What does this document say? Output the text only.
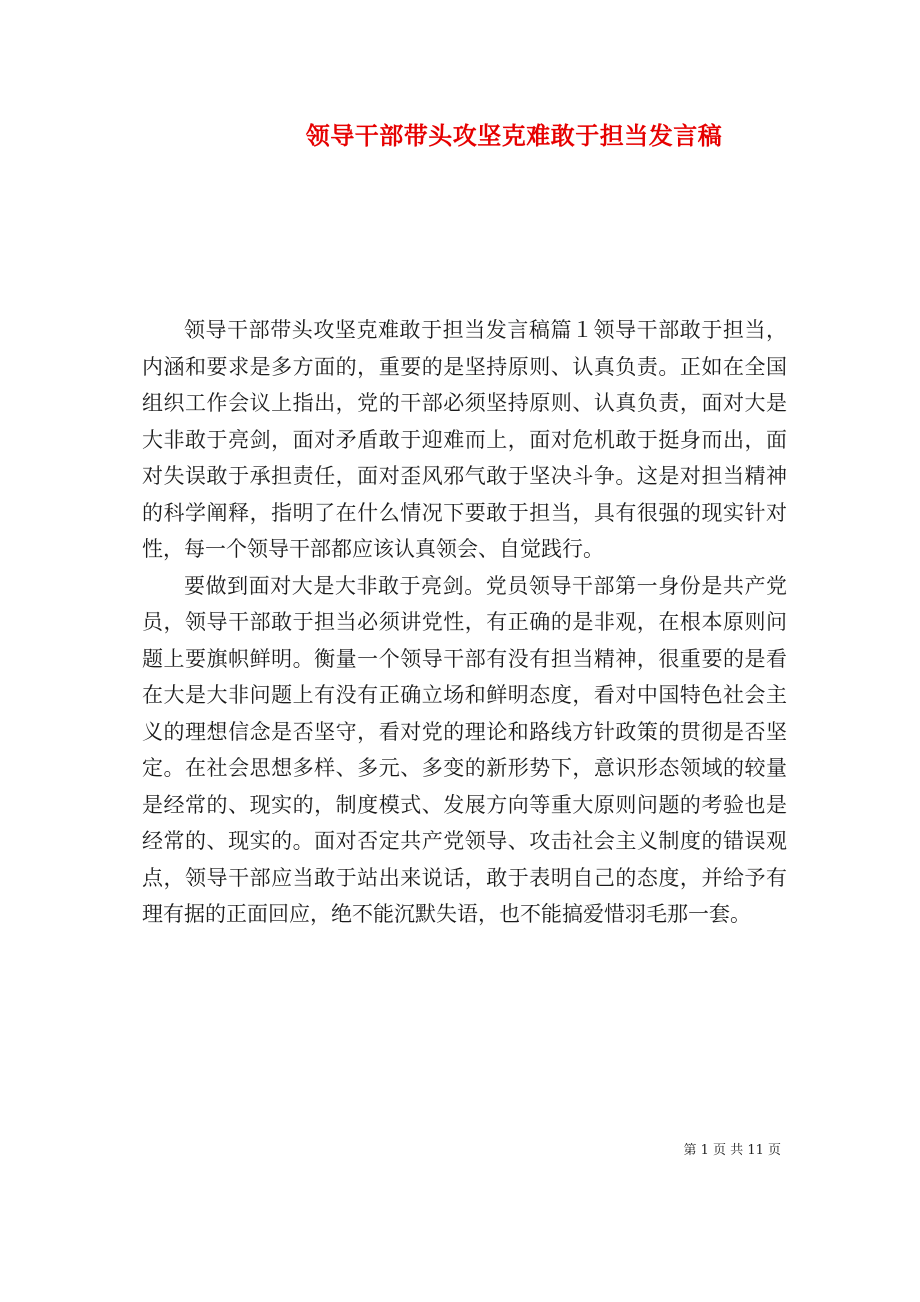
领导干部带头攻坚克难敢于担当发言稿

领导干部带头攻坚克难敢于担当发言稿篇１领导干部敢于担当，内涵和要求是多方面的，重要的是坚持原则、认真负责。正如在全国组织工作会议上指出，党的干部必须坚持原则、认真负责，面对大是大非敢于亮剑，面对矛盾敢于迎难而上，面对危机敢于挺身而出，面对失误敢于承担责任，面对歪风邪气敢于坚决斗争。这是对担当精神的科学阐释，指明了在什么情况下要敢于担当，具有很强的现实针对性，每一个领导干部都应该认真领会、自觉践行。

要做到面对大是大非敢于亮剑。党员领导干部第一身份是共产党员，领导干部敢于担当必须讲党性，有正确的是非观，在根本原则问题上要旗帜鲜明。衡量一个领导干部有没有担当精神，很重要的是看在大是大非问题上有没有正确立场和鲜明态度，看对中国特色社会主义的理想信念是否坚守，看对党的理论和路线方针政策的贯彻是否坚定。在社会思想多样、多元、多变的新形势下，意识形态领域的较量是经常的、现实的，制度模式、发展方向等重大原则问题的考验也是经常的、现实的。面对否定共产党领导、攻击社会主义制度的错误观点，领导干部应当敢于站出来说话，敢于表明自己的态度，并给予有理有据的正面回应，绝不能沉默失语，也不能搞爱惜羽毛那一套。

第 1 页 共 11 页
